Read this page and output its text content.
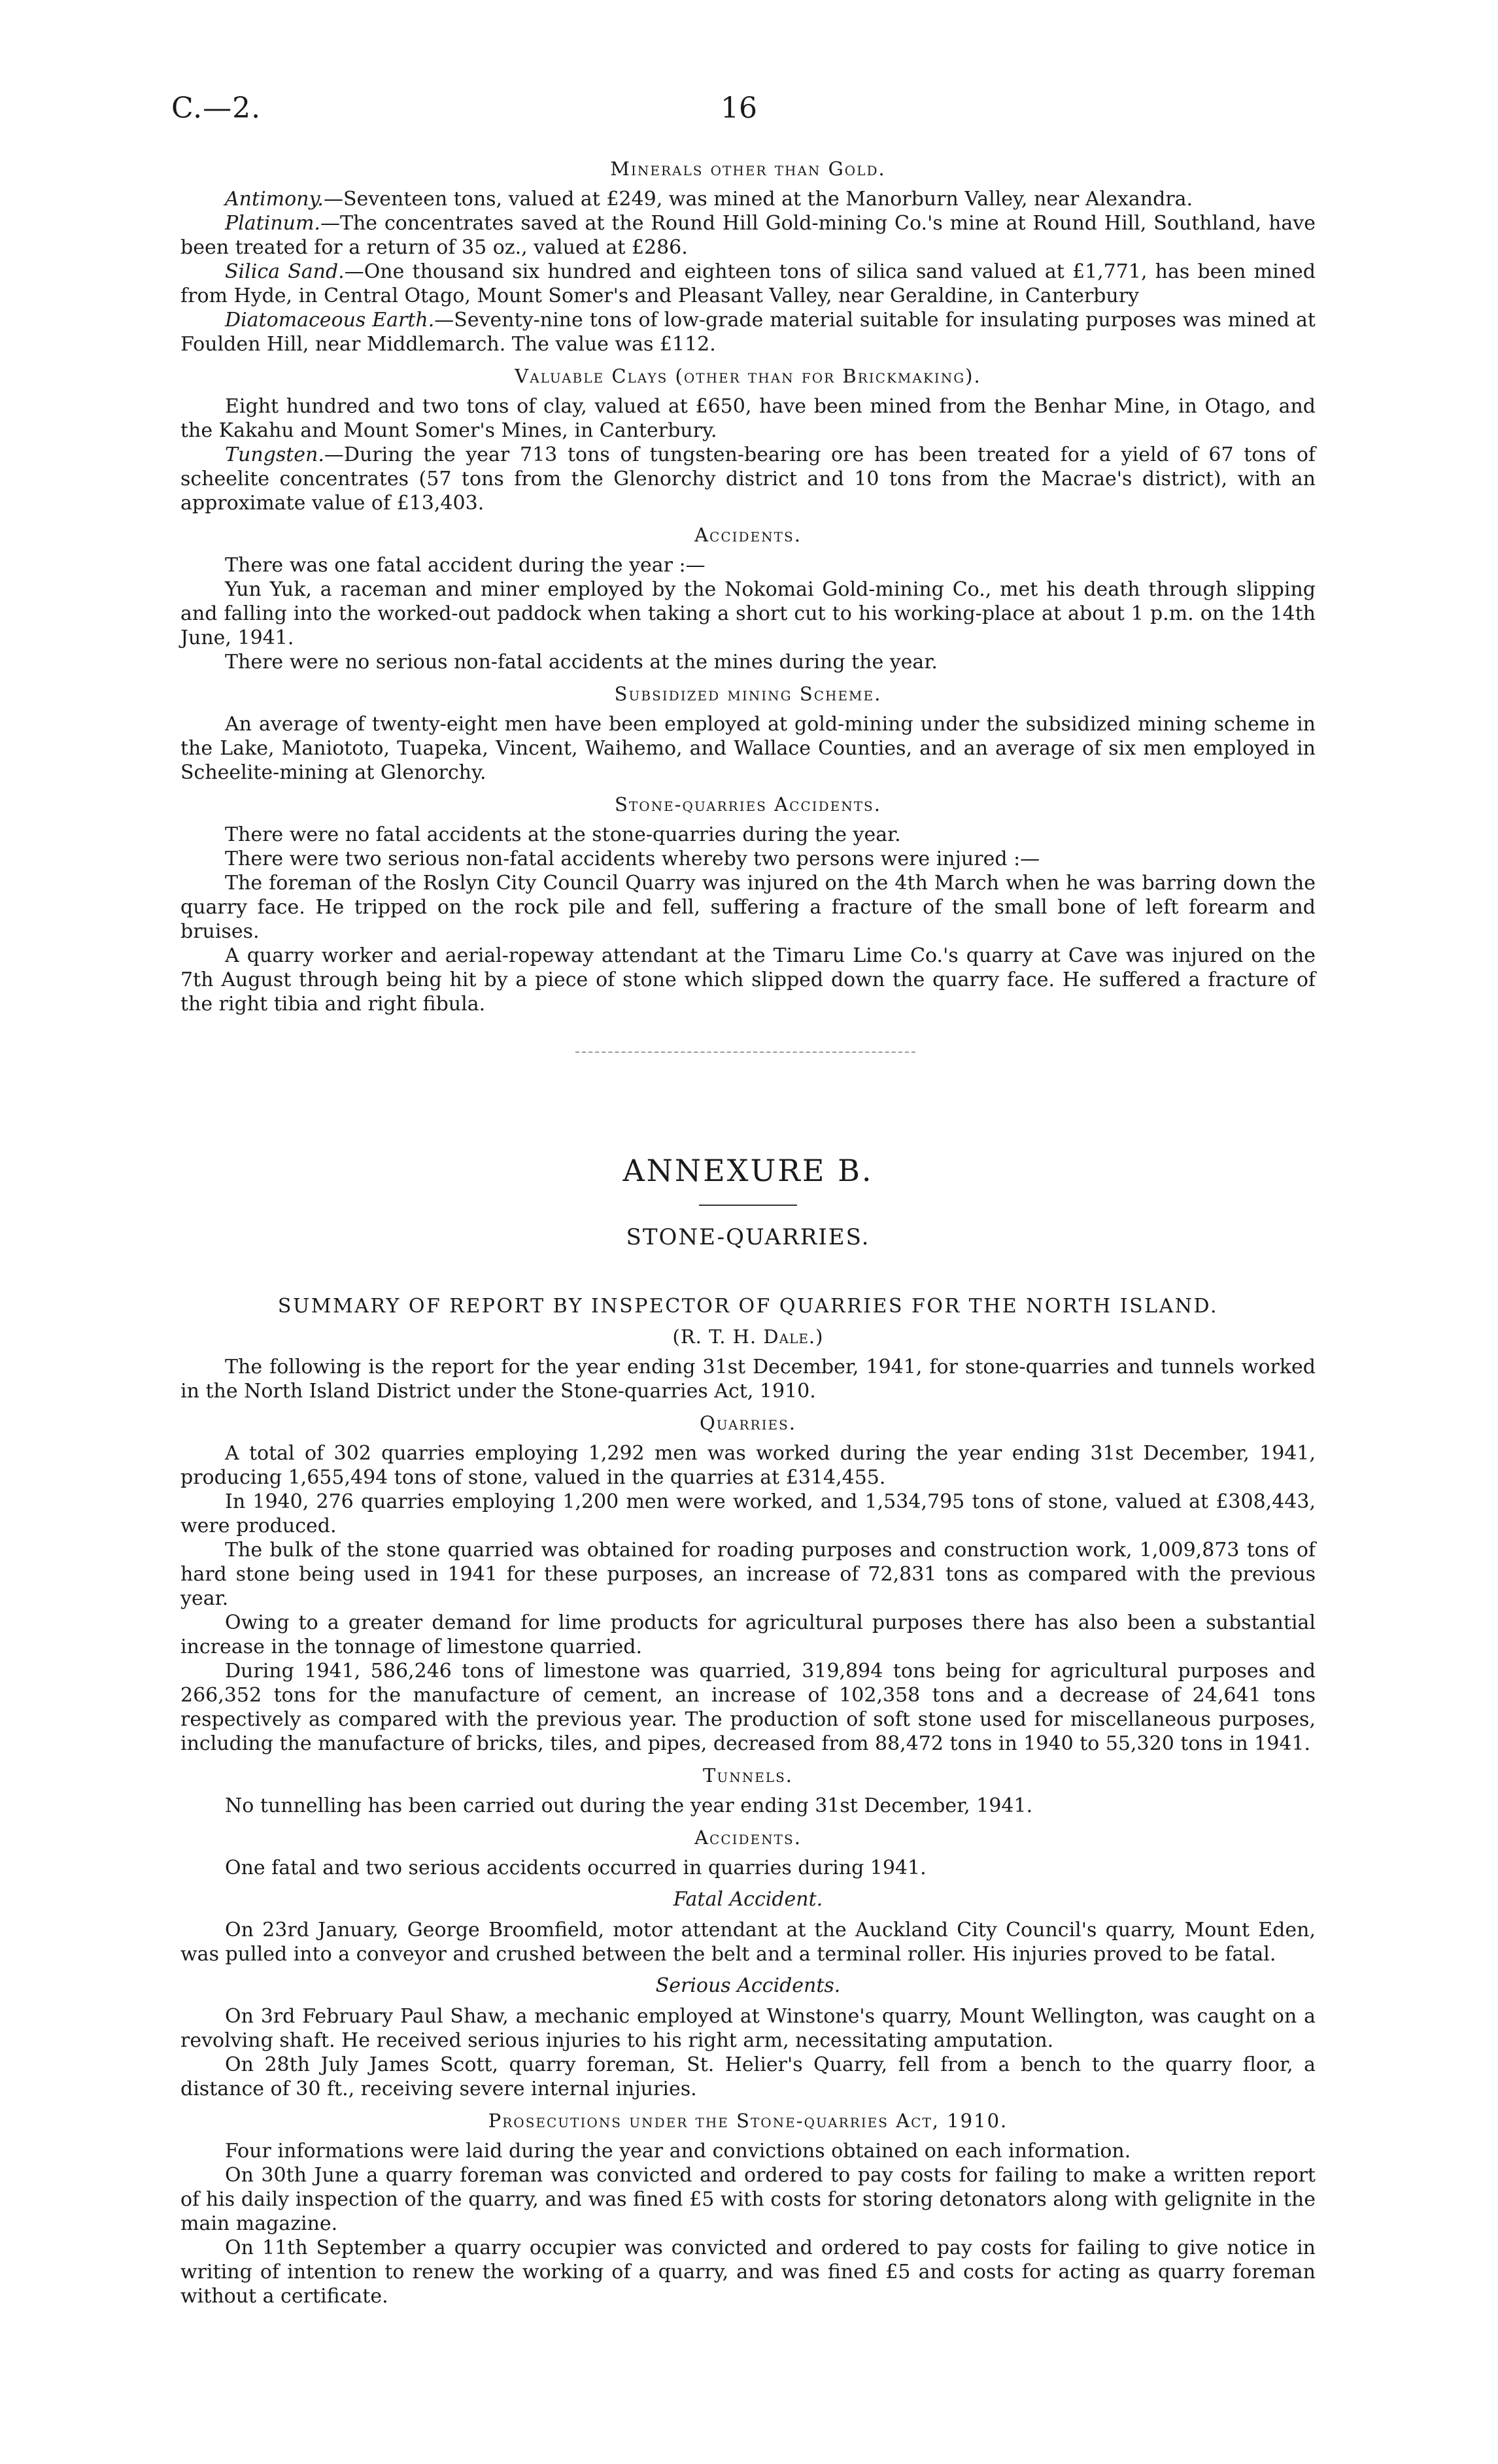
C.—2.	16
Minerals other than Gold.

Antimony.—Seventeen tons, valued at £249, was mined at the Manorburn Valley, near Alexandra.

Platinum.—The concentrates saved at the Round Hill Gold-mining Co.'s mine at Round Hill, Southland, have been treated for a return of 35 oz., valued at £286.

Silica Sand.—One thousand six hundred and eighteen tons of silica sand valued at £1,771, has been mined from Hyde, in Central Otago, Mount Somer's and Pleasant Valley, near Geraldine, in Canterbury

Diatomaceous Earth.—Seventy-nine tons of low-grade material suitable for insulating purposes was mined at Foulden Hill, near Middlemarch. The value was £112.

Valuable Clays (other than for Brickmaking).

Eight hundred and two tons of clay, valued at £650, have been mined from the Benhar Mine, in Otago, and the Kakahu and Mount Somer's Mines, in Canterbury.

Tungsten.—During the year 713 tons of tungsten-bearing ore has been treated for a yield of 67 tons of scheelite concentrates (57 tons from the Glenorchy district and 10 tons from the Macrae's district), with an approximate value of £13,403.

Accidents.

There was one fatal accident during the year :—

Yun Yuk, a raceman and miner employed by the Nokomai Gold-mining Co., met his death through slipping and falling into the worked-out paddock when taking a short cut to his working-place at about 1 p.m. on the 14th June, 1941.

There were no serious non-fatal accidents at the mines during the year.

Subsidized mining Scheme.

An average of twenty-eight men have been employed at gold-mining under the subsidized mining scheme in the Lake, Maniototo, Tuapeka, Vincent, Waihemo, and Wallace Counties, and an average of six men employed in Scheelite-mining at Glenorchy.

Stone-quarries Accidents.

There were no fatal accidents at the stone-quarries during the year.

There were two serious non-fatal accidents whereby two persons were injured :—

The foreman of the Roslyn City Council Quarry was injured on the 4th March when he was barring down the quarry face. He tripped on the rock pile and fell, suffering a fracture of the small bone of left forearm and bruises.

A quarry worker and aerial-ropeway attendant at the Timaru Lime Co.'s quarry at Cave was injured on the 7th August through being hit by a piece of stone which slipped down the quarry face. He suffered a fracture of the right tibia and right fibula.

ANNEXURE B.
STONE-QUARRIES.
SUMMARY OF REPORT BY INSPECTOR OF QUARRIES FOR THE NORTH ISLAND.
(R. T. H. Dale.)

The following is the report for the year ending 31st December, 1941, for stone-quarries and tunnels worked in the North Island District under the Stone-quarries Act, 1910.

Quarries.

A total of 302 quarries employing 1,292 men was worked during the year ending 31st December, 1941, producing 1,655,494 tons of stone, valued in the quarries at £314,455.

In 1940, 276 quarries employing 1,200 men were worked, and 1,534,795 tons of stone, valued at £308,443, were produced.

The bulk of the stone quarried was obtained for roading purposes and construction work, 1,009,873 tons of hard stone being used in 1941 for these purposes, an increase of 72,831 tons as compared with the previous year.

Owing to a greater demand for lime products for agricultural purposes there has also been a substantial increase in the tonnage of limestone quarried.

During 1941, 586,246 tons of limestone was quarried, 319,894 tons being for agricultural purposes and 266,352 tons for the manufacture of cement, an increase of 102,358 tons and a decrease of 24,641 tons respectively as compared with the previous year. The production of soft stone used for miscellaneous purposes, including the manufacture of bricks, tiles, and pipes, decreased from 88,472 tons in 1940 to 55,320 tons in 1941.

Tunnels.

No tunnelling has been carried out during the year ending 31st December, 1941.

Accidents.

One fatal and two serious accidents occurred in quarries during 1941.

Fatal Accident.

On 23rd January, George Broomfield, motor attendant at the Auckland City Council's quarry, Mount Eden, was pulled into a conveyor and crushed between the belt and a terminal roller. His injuries proved to be fatal.

Serious Accidents.

On 3rd February Paul Shaw, a mechanic employed at Winstone's quarry, Mount Wellington, was caught on a revolving shaft. He received serious injuries to his right arm, necessitating amputation.

On 28th July James Scott, quarry foreman, St. Helier's Quarry, fell from a bench to the quarry floor, a distance of 30 ft., receiving severe internal injuries.

Prosecutions under the Stone-quarries Act, 1910.

Four informations were laid during the year and convictions obtained on each information.

On 30th June a quarry foreman was convicted and ordered to pay costs for failing to make a written report of his daily inspection of the quarry, and was fined £5 with costs for storing detonators along with gelignite in the main magazine.

On 11th September a quarry occupier was convicted and ordered to pay costs for failing to give notice in writing of intention to renew the working of a quarry, and was fined £5 and costs for acting as quarry foreman without a certificate.
